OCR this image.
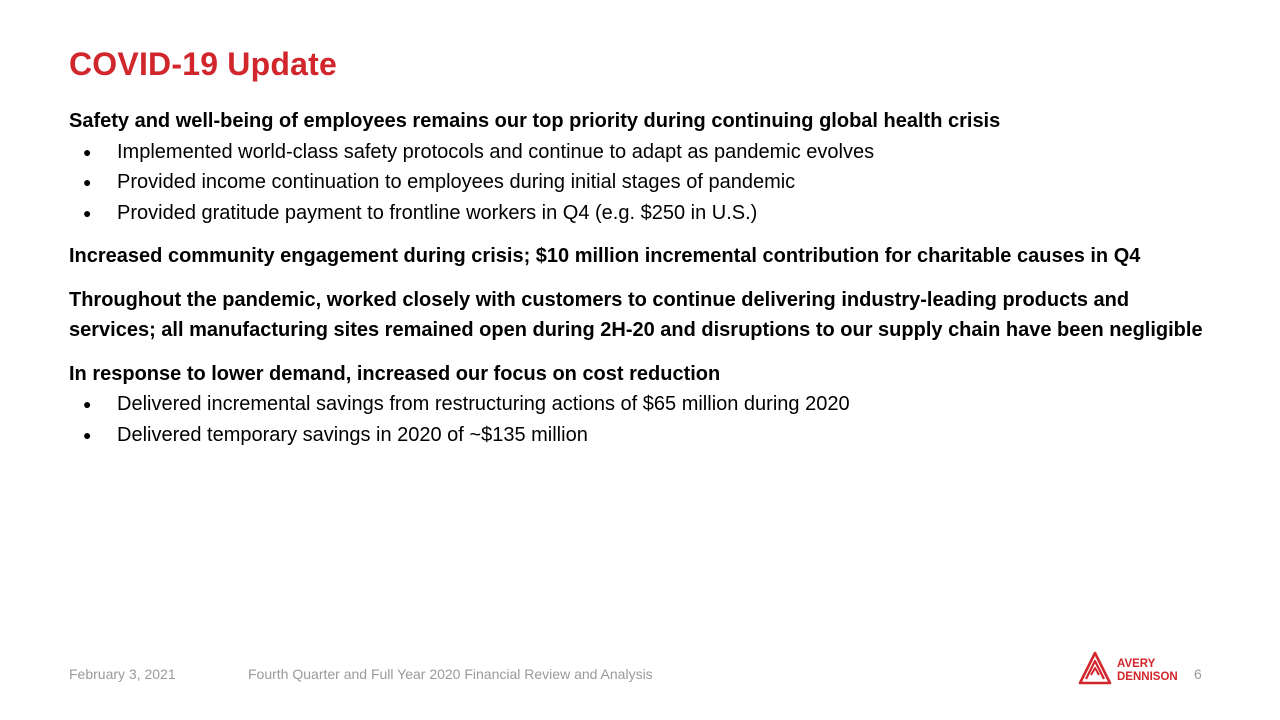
COVID-19 Update
Safety and well-being of employees remains our top priority during continuing global health crisis
● Implemented world-class safety protocols and continue to adapt as pandemic evolves
● Provided income continuation to employees during initial stages of pandemic
● Provided gratitude payment to frontline workers in Q4 (e.g. $250 in U.S.)
Increased community engagement during crisis; $10 million incremental contribution for charitable causes in Q4
Throughout the pandemic, worked closely with customers to continue delivering industry-leading products and services; all manufacturing sites remained open during 2H-20 and disruptions to our supply chain have been negligible
In response to lower demand, increased our focus on cost reduction
● Delivered incremental savings from restructuring actions of $65 million during 2020
● Delivered temporary savings in 2020 of ~$135 million
February 3, 2021	Fourth Quarter and Full Year 2020 Financial Review and Analysis
AVERY
DENNISON 6
